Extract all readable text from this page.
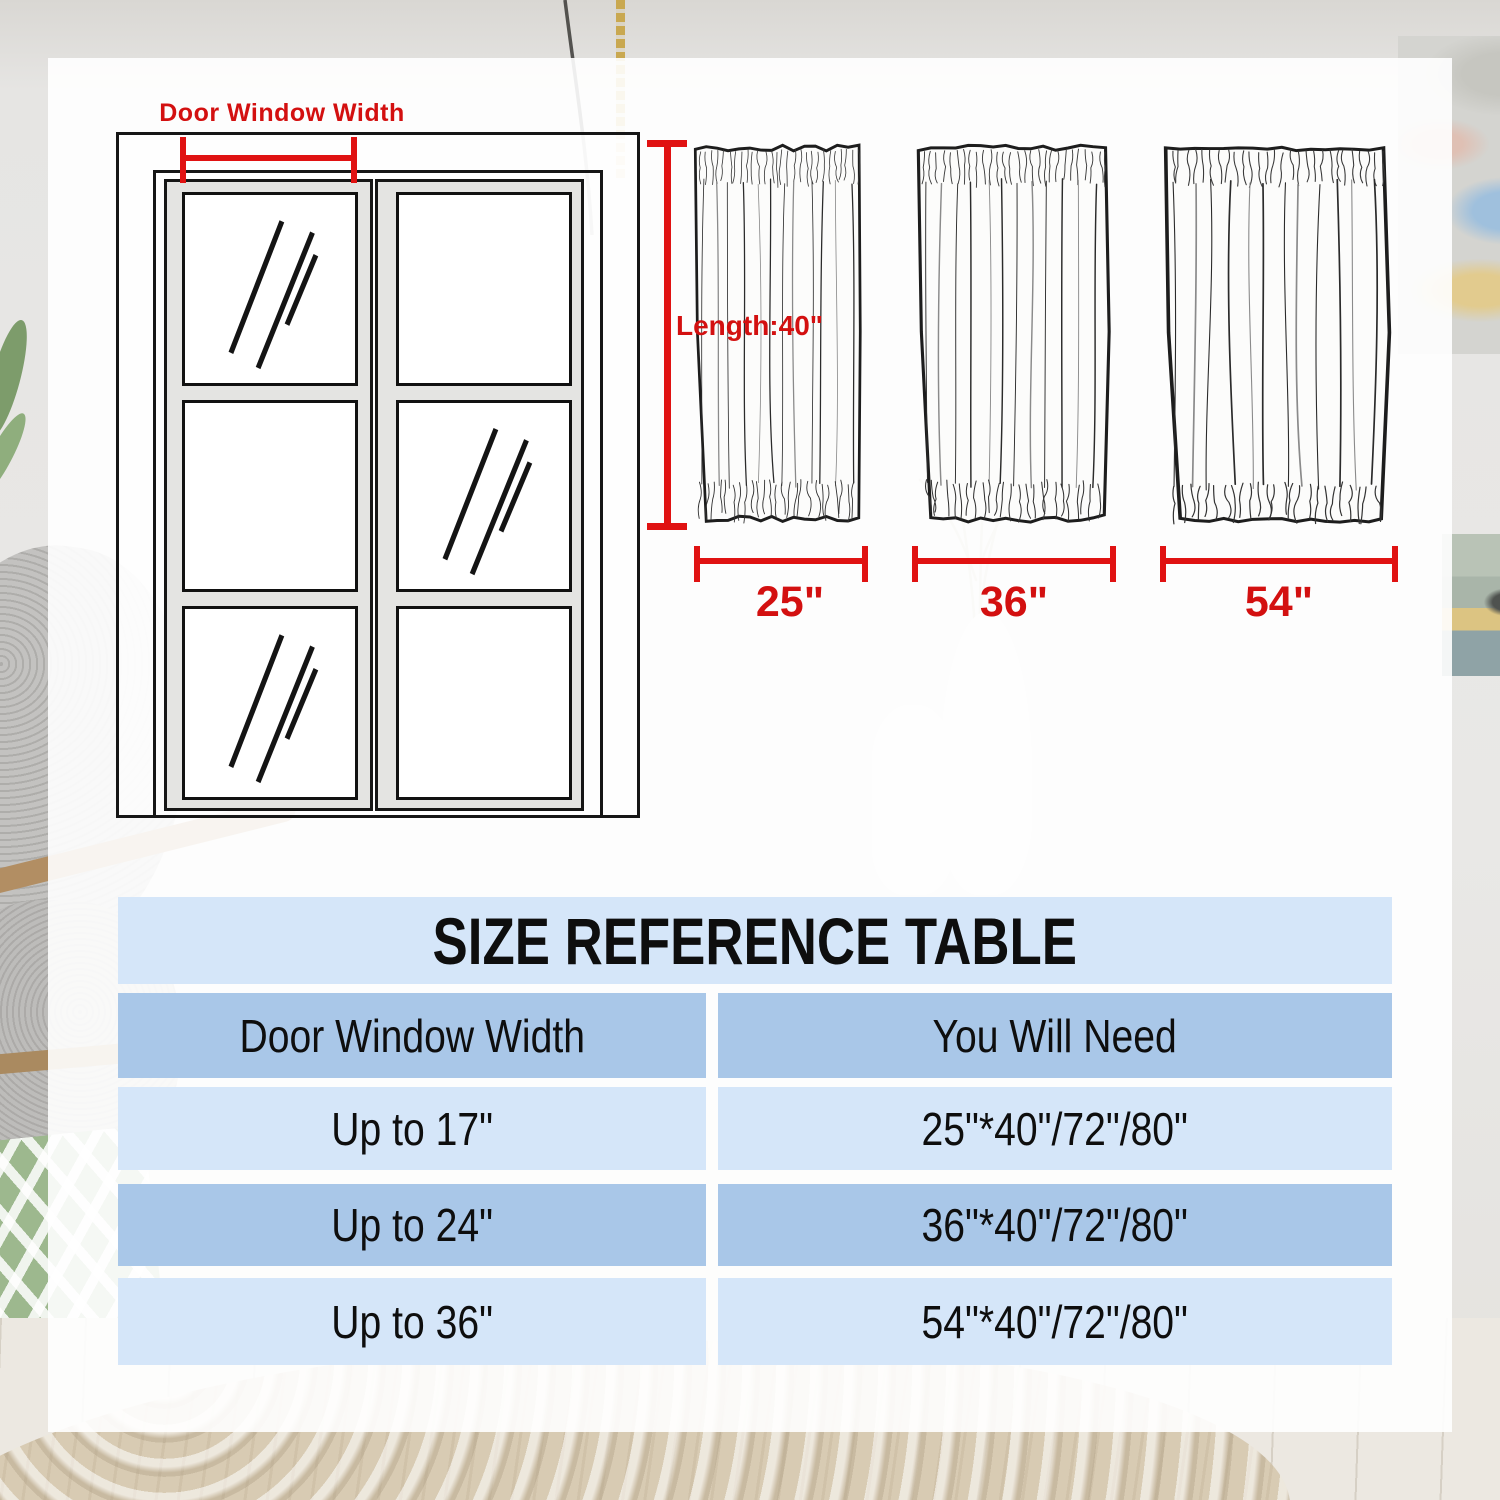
Door Window Width
Length:40"
25"	36"	54"
SIZE REFERENCE TABLE
Door Window Width	You Will Need
Up to 17"	25"*40"/72"/80"
Up to 24"	36"*40"/72"/80"
Up to 36"	54"*40"/72"/80"
